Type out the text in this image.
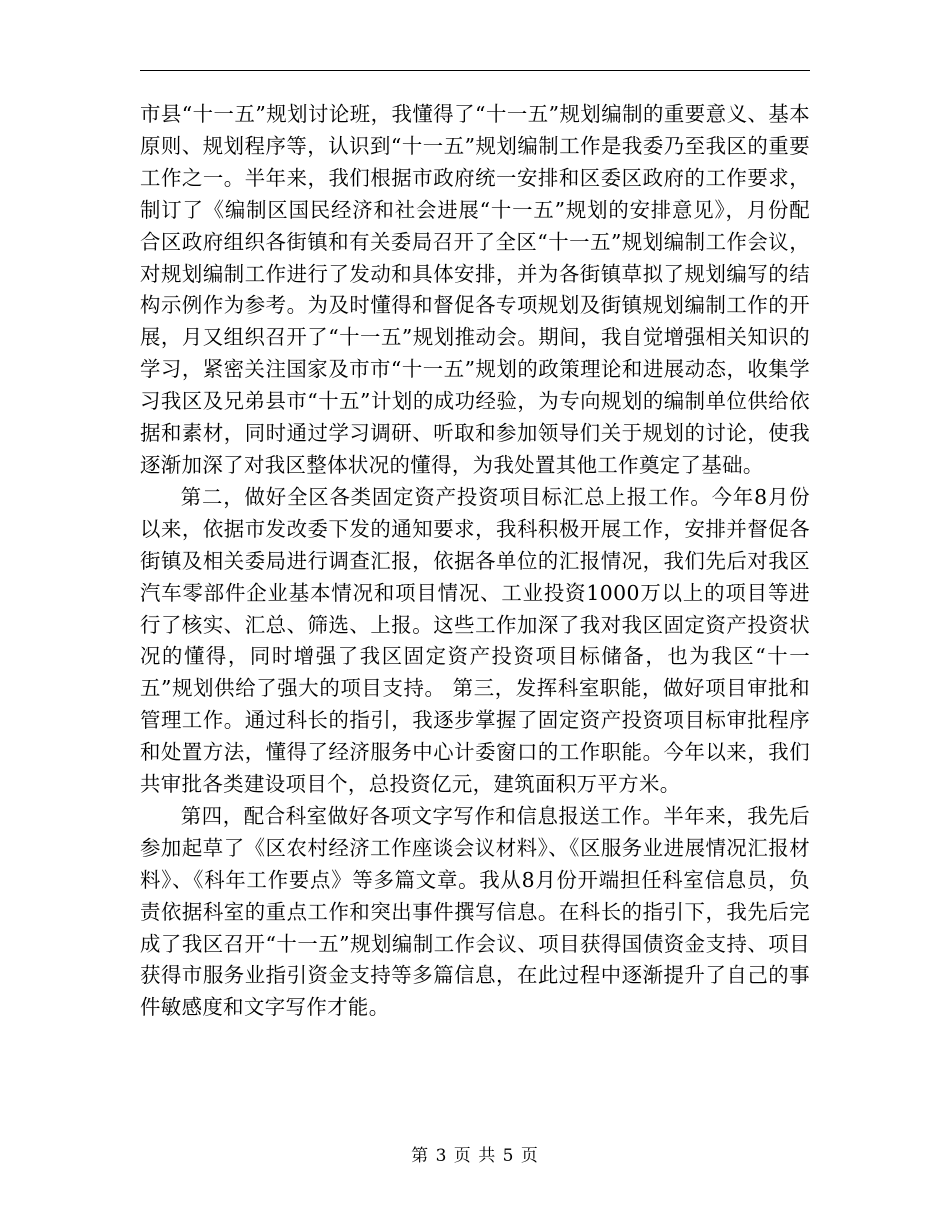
市县“十一五”规划讨论班，我懂得了“十一五”规划编制的重要意义、基本原则、规划程序等，认识到“十一五”规划编制工作是我委乃至我区的重要工作之一。半年来，我们根据市政府统一安排和区委区政府的工作要求，制订了《编制区国民经济和社会进展“十一五”规划的安排意见》，月份配合区政府组织各街镇和有关委局召开了全区“十一五”规划编制工作会议，对规划编制工作进行了发动和具体安排，并为各街镇草拟了规划编写的结构示例作为参考。为及时懂得和督促各专项规划及街镇规划编制工作的开展，月又组织召开了“十一五”规划推动会。期间，我自觉增强相关知识的学习，紧密关注国家及市市“十一五”规划的政策理论和进展动态，收集学习我区及兄弟县市“十五”计划的成功经验，为专向规划的编制单位供给依据和素材，同时通过学习调研、听取和参加领导们关于规划的讨论，使我逐渐加深了对我区整体状况的懂得，为我处置其他工作奠定了基础。

第二，做好全区各类固定资产投资项目标汇总上报工作。今年8月份以来，依据市发改委下发的通知要求，我科积极开展工作，安排并督促各街镇及相关委局进行调查汇报，依据各单位的汇报情况，我们先后对我区汽车零部件企业基本情况和项目情况、工业投资1000万以上的项目等进行了核实、汇总、筛选、上报。这些工作加深了我对我区固定资产投资状况的懂得，同时增强了我区固定资产投资项目标储备，也为我区“十一五”规划供给了强大的项目支持。 第三，发挥科室职能，做好项目审批和管理工作。通过科长的指引，我逐步掌握了固定资产投资项目标审批程序和处置方法，懂得了经济服务中心计委窗口的工作职能。今年以来，我们共审批各类建设项目个，总投资亿元，建筑面积万平方米。

第四，配合科室做好各项文字写作和信息报送工作。半年来，我先后参加起草了《区农村经济工作座谈会议材料》、《区服务业进展情况汇报材料》、《科年工作要点》等多篇文章。我从8月份开端担任科室信息员，负责依据科室的重点工作和突出事件撰写信息。在科长的指引下，我先后完成了我区召开“十一五”规划编制工作会议、项目获得国债资金支持、项目获得市服务业指引资金支持等多篇信息，在此过程中逐渐提升了自己的事件敏感度和文字写作才能。

第 3 页 共 5 页
